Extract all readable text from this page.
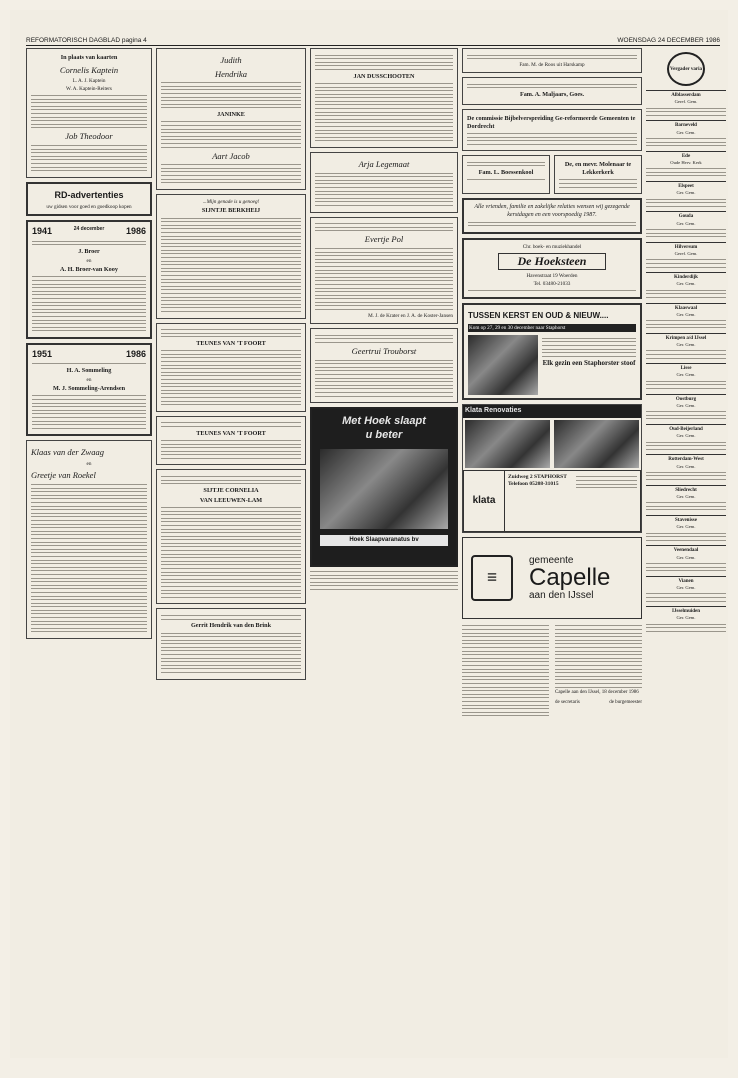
REFORMATORISCH DAGBLAD pagina 4	WOENSDAG 24 DECEMBER 1986
In plaats van kaarten
Cornelis Kaptein
L. A. J. Kaptein
W. A. Kaptein-Reiters
Job Theodoor
RD-advertenties
uw gidsen voor goed en goedkoop kopen
1941	24 december 1986
J. Broer
en
A. H. Broer-van Kooy
1951	1986
H. A. Sommeling
en
M. J. Sommeling-Arendsen
Klaas van der Zwaag
en
Greetje van Roekel
Judith
Hendrika
JANINKE
Aart Jacob
...Mijn genade is u genoeg!
SIJNTJE BERKHEIJ
TEUNES VAN 'T FOORT
TEUNES VAN 'T FOORT
SIJTJE CORNELIA
VAN LEEUWEN-LAM
Gerrit Hendrik van den Brink
JAN DUSSCHOOTEN
Arja Legemaat
Evertje Pol
M. J. de Krater en J. A. de Koster-Jansen
Geertrui Trouborst
Met Hoek slaapt
u beter
Hoek Slaapvaranatus bv
Fam. M. de Roos uit Harskamp
Fam. A. Maljaars, Goes.
De commissie Bijbelverspreiding Ge-reformeerde Gemeenten te Dordrecht
Fam. L. Boessenkool
De, en mevr. Molenaar te Lekkerkerk
Alle vrienden, familie en zakelijke relaties wensen wij gezegende kerstdagen en een voorspoedig 1987.
Chr. boek- en muziekhandel
De Hoeksteen
Havenstraat 19 Woerden
Tel. 03480-21033
TUSSEN KERST EN OUD & NIEUW....
Kom op 27, 29 en 30 december naar Staphorst
Elk gezin een Staphorster stoof
Klata Renovaties
klata
Zuidweg 2 STAPHORST
Telefoon 05208-31015
≡
gemeente
Capelle
aan den IJssel
Capelle aan den IJssel, 18 december 1986
de secretaris	de burgemeester
Vergader varia
Alblasserdam
Geref. Gem.
Barneveld
Ger. Gem.
Ede
Oude Herv. Kerk
Elspeet
Ger. Gem.
Gouda
Ger. Gem.
Hilversum
Geref. Gem.
Kinderdijk
Ger. Gem.
Klaaswaal
Ger. Gem.
Krimpen a/d IJssel
Ger. Gem.
Lisse
Ger. Gem.
Oostburg
Ger. Gem.
Oud-Beijerland
Ger. Gem.
Rotterdam-West
Ger. Gem.
Sliedrecht
Ger. Gem.
Stavenisse
Ger. Gem.
Veenendaal
Ger. Gem.
Vianen
Ger. Gem.
IJsselmuiden
Ger. Gem.
